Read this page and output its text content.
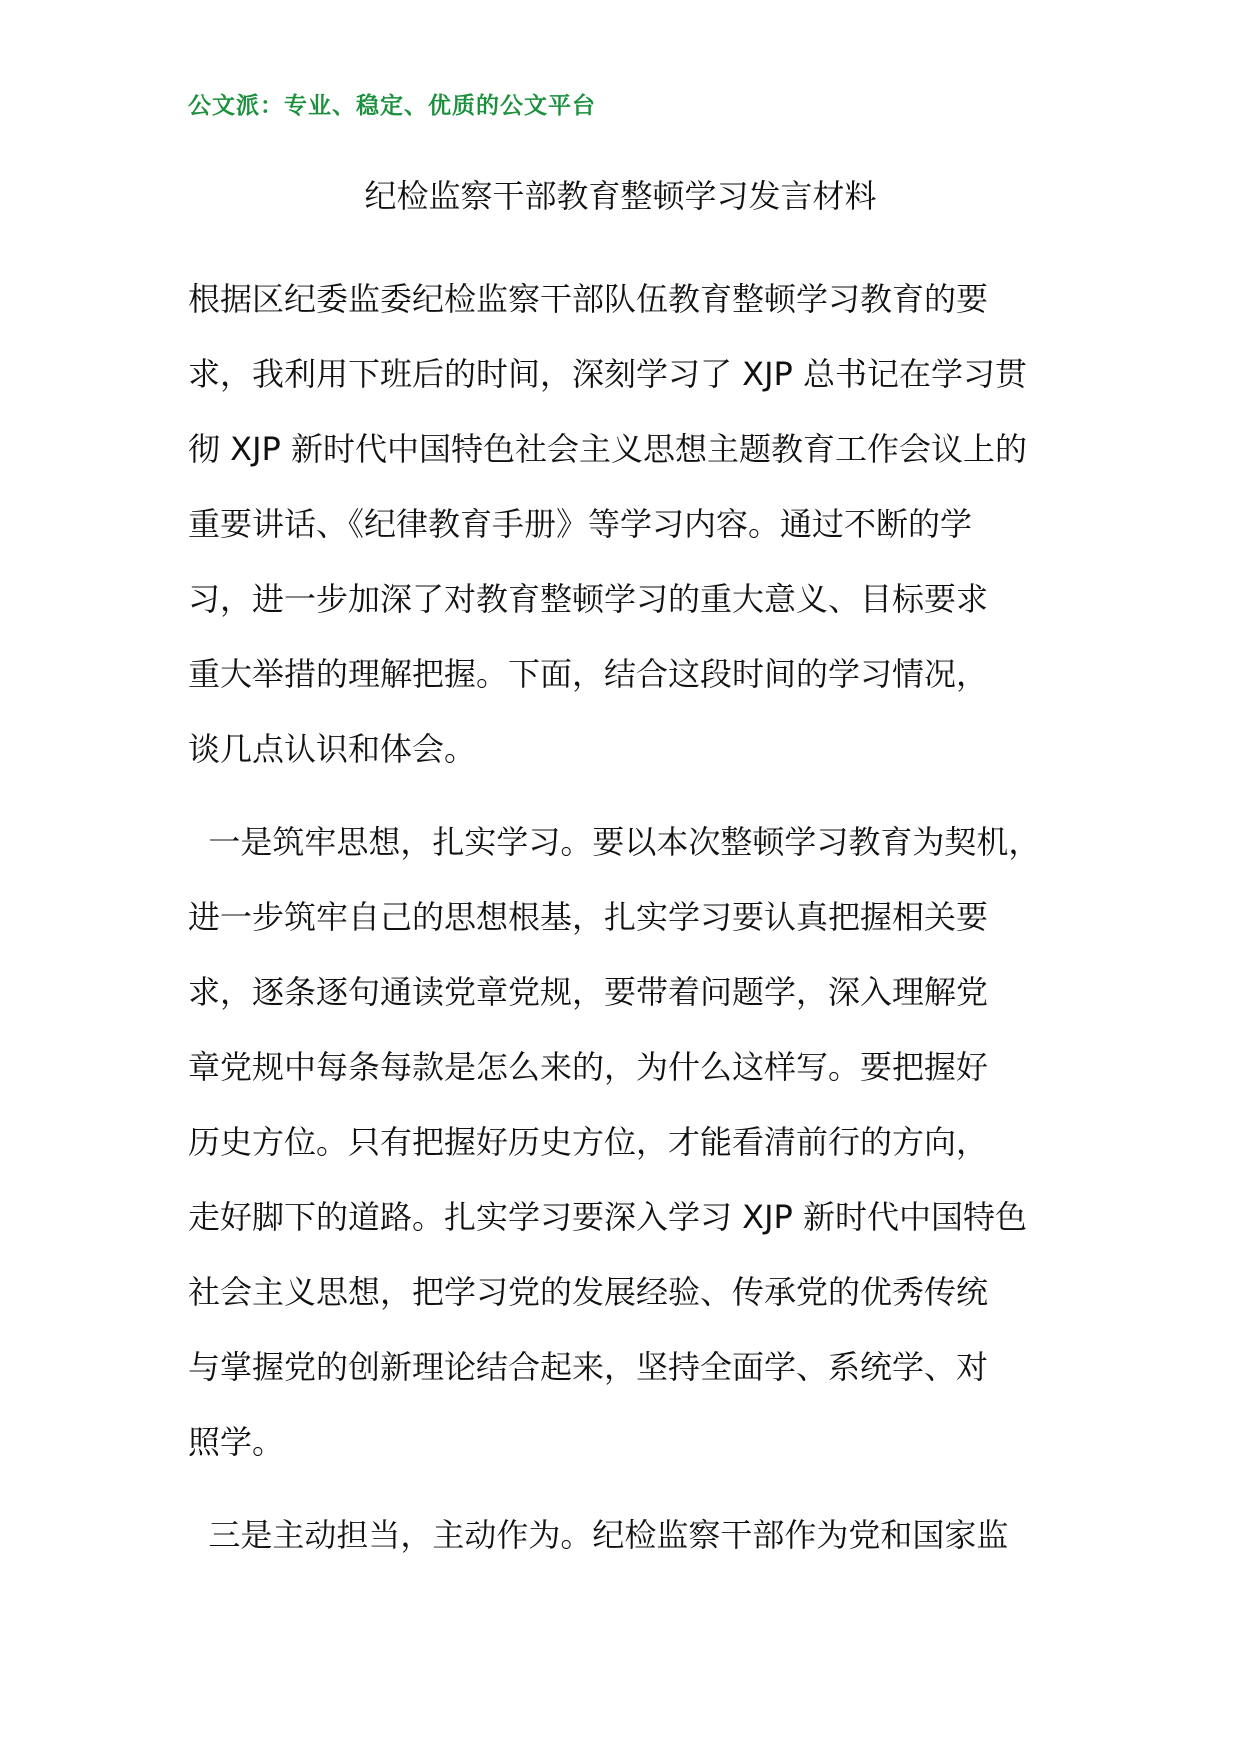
公文派：专业、稳定、优质的公文平台

纪检监察干部教育整顿学习发言材料
根据区纪委监委纪检监察干部队伍教育整顿学习教育的要
求，我利用下班后的时间，深刻学习了 XJP 总书记在学习贯
彻 XJP 新时代中国特色社会主义思想主题教育工作会议上的
重要讲话、《纪律教育手册》等学习内容。通过不断的学
习，进一步加深了对教育整顿学习的重大意义、目标要求
重大举措的理解把握。下面，结合这段时间的学习情况，
谈几点认识和体会。
一是筑牢思想，扎实学习。要以本次整顿学习教育为契机，
进一步筑牢自己的思想根基，扎实学习要认真把握相关要
求，逐条逐句通读党章党规，要带着问题学，深入理解党
章党规中每条每款是怎么来的，为什么这样写。要把握好
历史方位。只有把握好历史方位，才能看清前行的方向，
走好脚下的道路。扎实学习要深入学习 XJP 新时代中国特色
社会主义思想，把学习党的发展经验、传承党的优秀传统
与掌握党的创新理论结合起来，坚持全面学、系统学、对
照学。
三是主动担当，主动作为。纪检监察干部作为党和国家监
